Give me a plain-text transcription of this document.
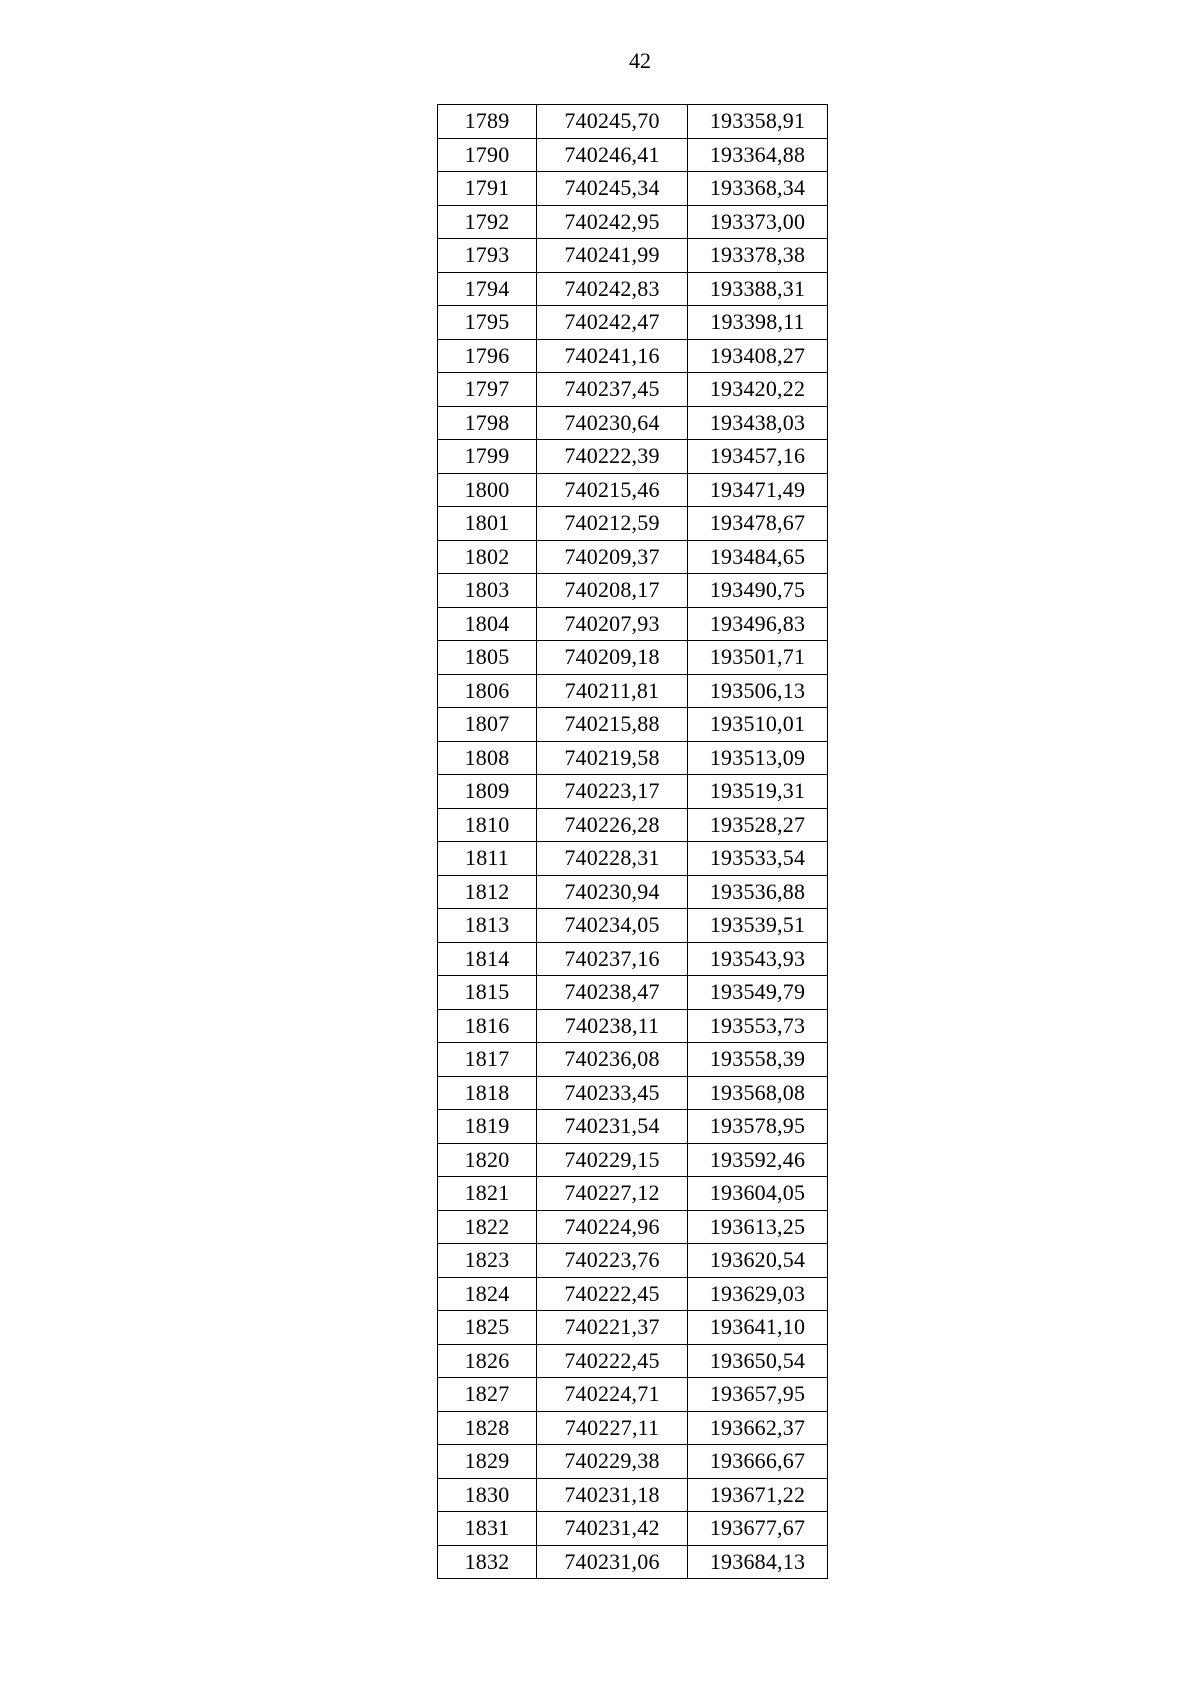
42
1789	740245,70	193358,91
1790	740246,41	193364,88
1791	740245,34	193368,34
1792	740242,95	193373,00
1793	740241,99	193378,38
1794	740242,83	193388,31
1795	740242,47	193398,11
1796	740241,16	193408,27
1797	740237,45	193420,22
1798	740230,64	193438,03
1799	740222,39	193457,16
1800	740215,46	193471,49
1801	740212,59	193478,67
1802	740209,37	193484,65
1803	740208,17	193490,75
1804	740207,93	193496,83
1805	740209,18	193501,71
1806	740211,81	193506,13
1807	740215,88	193510,01
1808	740219,58	193513,09
1809	740223,17	193519,31
1810	740226,28	193528,27
1811	740228,31	193533,54
1812	740230,94	193536,88
1813	740234,05	193539,51
1814	740237,16	193543,93
1815	740238,47	193549,79
1816	740238,11	193553,73
1817	740236,08	193558,39
1818	740233,45	193568,08
1819	740231,54	193578,95
1820	740229,15	193592,46
1821	740227,12	193604,05
1822	740224,96	193613,25
1823	740223,76	193620,54
1824	740222,45	193629,03
1825	740221,37	193641,10
1826	740222,45	193650,54
1827	740224,71	193657,95
1828	740227,11	193662,37
1829	740229,38	193666,67
1830	740231,18	193671,22
1831	740231,42	193677,67
1832	740231,06	193684,13
